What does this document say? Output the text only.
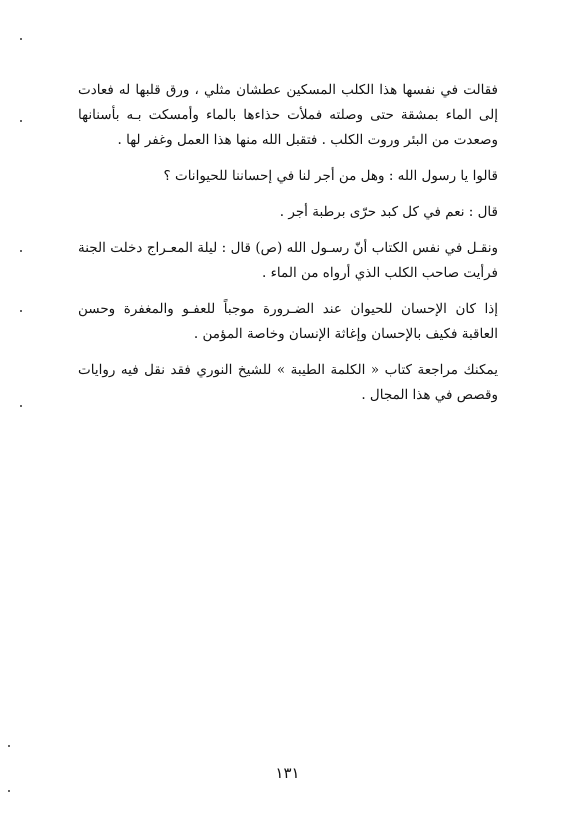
فقالت في نفسها هذا الكلب المسكين عطشان مثلي ، ورق قلبها له فعادت إلى الماء بمشقة حتى وصلته فملأت حذاءها بالماء وأمسكت بـه بأسنانها وصعدت من البئر وروت الكلب . فتقبل الله منها هذا العمل وغفر لها .

قالوا يا رسول الله : وهل من أجر لنا في إحساننا للحيوانات ؟

قال : نعم في كل كبد حرّى برطبة أجر .

ونقـل في نفس الكتاب أنّ رسـول الله (ص) قال : ليلة المعـراج دخلت الجنة فرأيت صاحب الكلب الذي أرواه من الماء .

إذا كان الإحسان للحيوان عند الضـرورة موجباً للعفـو والمغفرة وحسن العاقبة فكيف بالإحسان وإغاثة الإنسان وخاصة المؤمن .

يمكنك مراجعة كتاب « الكلمة الطيبة » للشيخ النوري فقد نقل فيه روايات وقصص في هذا المجال .

١٣١
